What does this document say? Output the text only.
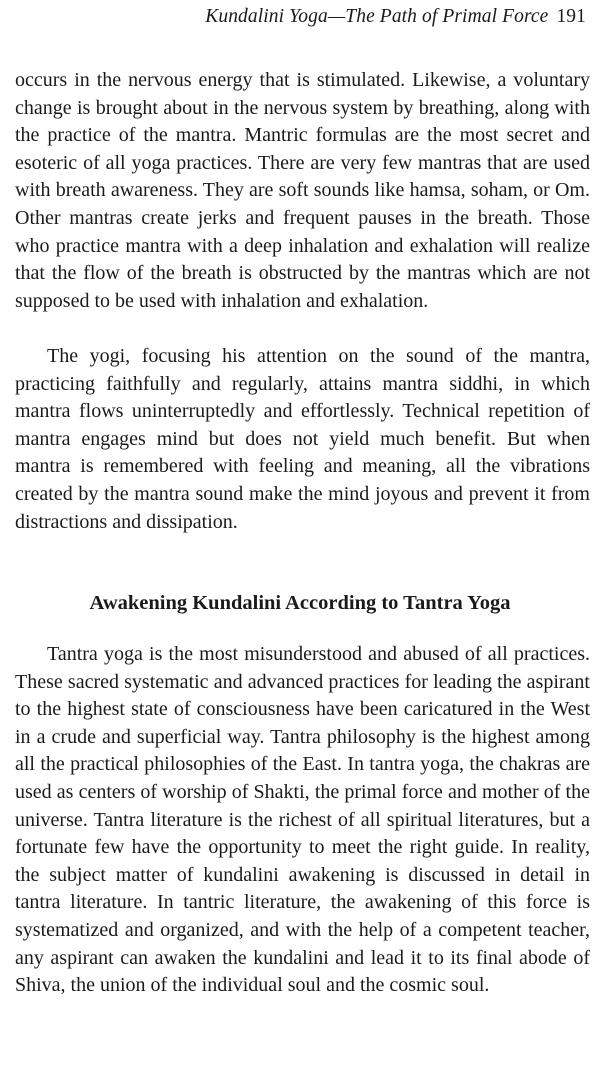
Kundalini Yoga—The Path of Primal Force 191

occurs in the nervous energy that is stimulated. Likewise, a voluntary change is brought about in the nervous system by breathing, along with the practice of the mantra. Mantric formulas are the most secret and esoteric of all yoga practices. There are very few mantras that are used with breath awareness. They are soft sounds like hamsa, soham, or Om. Other mantras create jerks and frequent pauses in the breath. Those who practice mantra with a deep inhalation and exhalation will realize that the flow of the breath is obstructed by the mantras which are not supposed to be used with inhalation and exhalation.

The yogi, focusing his attention on the sound of the mantra, practicing faithfully and regularly, attains mantra siddhi, in which mantra flows uninterruptedly and effortlessly. Technical repetition of mantra engages mind but does not yield much benefit. But when mantra is remembered with feeling and meaning, all the vibrations created by the mantra sound make the mind joyous and prevent it from distractions and dissipation.

Awakening Kundalini According to Tantra Yoga

Tantra yoga is the most misunderstood and abused of all practices. These sacred systematic and advanced practices for leading the aspirant to the highest state of consciousness have been caricatured in the West in a crude and superficial way. Tantra philosophy is the highest among all the practical philosophies of the East. In tantra yoga, the chakras are used as centers of worship of Shakti, the primal force and mother of the universe. Tantra literature is the richest of all spiritual literatures, but a fortunate few have the opportunity to meet the right guide. In reality, the subject matter of kundalini awakening is discussed in detail in tantra literature. In tantric literature, the awakening of this force is systematized and organized, and with the help of a competent teacher, any aspirant can awaken the kundalini and lead it to its final abode of Shiva, the union of the individual soul and the cosmic soul.
